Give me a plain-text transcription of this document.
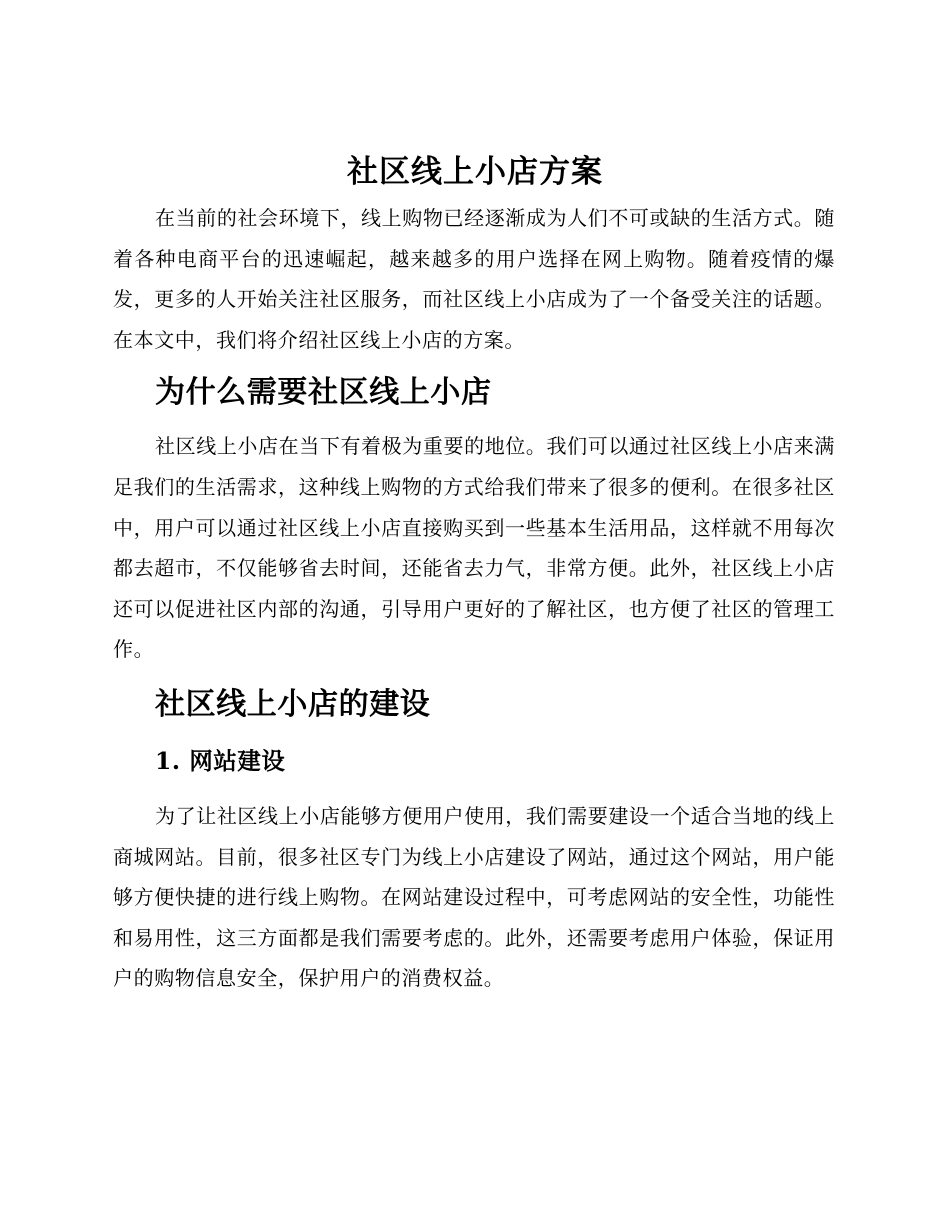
社区线上小店方案

在当前的社会环境下，线上购物已经逐渐成为人们不可或缺的生活方式。随着各种电商平台的迅速崛起，越来越多的用户选择在网上购物。随着疫情的爆发，更多的人开始关注社区服务，而社区线上小店成为了一个备受关注的话题。在本文中，我们将介绍社区线上小店的方案。

为什么需要社区线上小店

社区线上小店在当下有着极为重要的地位。我们可以通过社区线上小店来满足我们的生活需求，这种线上购物的方式给我们带来了很多的便利。在很多社区中，用户可以通过社区线上小店直接购买到一些基本生活用品，这样就不用每次都去超市，不仅能够省去时间，还能省去力气，非常方便。此外，社区线上小店还可以促进社区内部的沟通，引导用户更好的了解社区，也方便了社区的管理工作。

社区线上小店的建设
1. 网站建设

为了让社区线上小店能够方便用户使用，我们需要建设一个适合当地的线上商城网站。目前，很多社区专门为线上小店建设了网站，通过这个网站，用户能够方便快捷的进行线上购物。在网站建设过程中，可考虑网站的安全性，功能性和易用性，这三方面都是我们需要考虑的。此外，还需要考虑用户体验，保证用户的购物信息安全，保护用户的消费权益。
